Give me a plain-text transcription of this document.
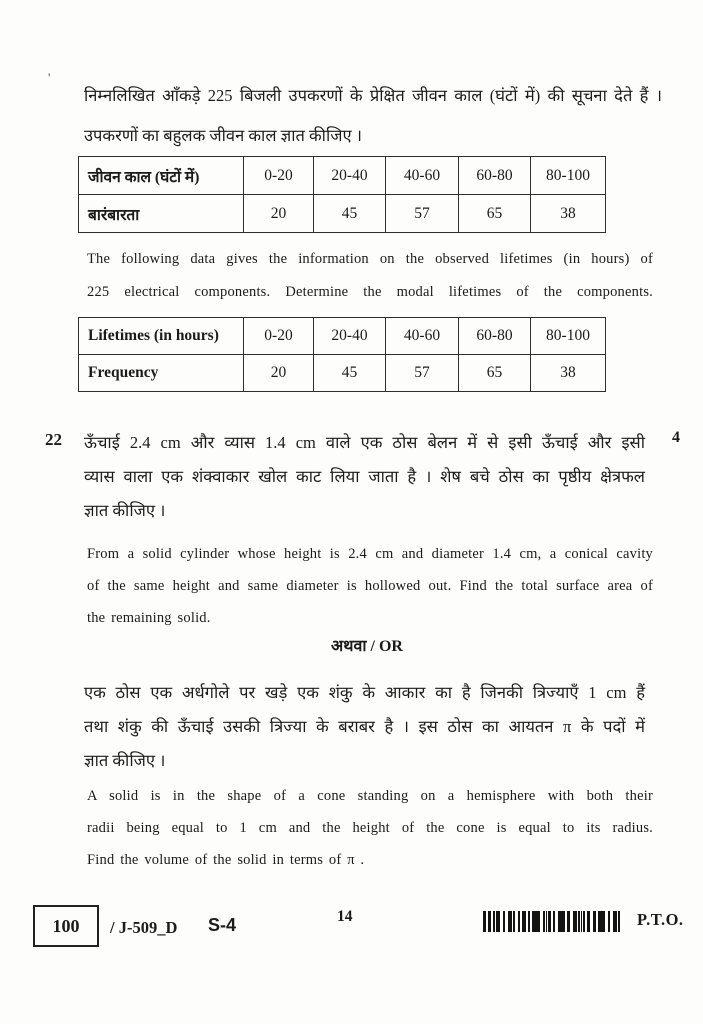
'
निम्नलिखित आँकड़े 225 बिजली उपकरणों के प्रेक्षित जीवन काल (घंटों में) की सूचना देते हैं ।
उपकरणों का बहुलक जीवन काल ज्ञात कीजिए ।
जीवन काल (घंटों में)	0-20	20-40	40-60	60-80	80-100
बारंबारता	20	45	57	65	38
The following data gives the information on the observed lifetimes (in hours) of
225 electrical components. Determine the modal lifetimes of the components.
Lifetimes (in hours)	0-20	20-40	40-60	60-80	80-100
Frequency	20	45	57	65	38
22	4
ऊँचाई 2.4 cm और व्यास 1.4 cm वाले एक ठोस बेलन में से इसी ऊँचाई और इसी
व्यास वाला एक शंक्वाकार खोल काट लिया जाता है । शेष बचे ठोस का पृष्ठीय क्षेत्रफल
ज्ञात कीजिए ।
From a solid cylinder whose height is 2.4 cm and diameter 1.4 cm, a conical cavity
of the same height and same diameter is hollowed out. Find the total surface area of
the remaining solid.
अथवा / OR
एक ठोस एक अर्धगोले पर खड़े एक शंकु के आकार का है जिनकी त्रिज्याएँ 1 cm हैं
तथा शंकु की ऊँचाई उसकी त्रिज्या के बराबर है । इस ठोस का आयतन π के पदों में
ज्ञात कीजिए ।
A solid is in the shape of a cone standing on a hemisphere with both their
radii being equal to 1 cm and the height of the cone is equal to its radius.
Find the volume of the solid in terms of π .
100 / J-509_D S-4	14	P.T.O.
